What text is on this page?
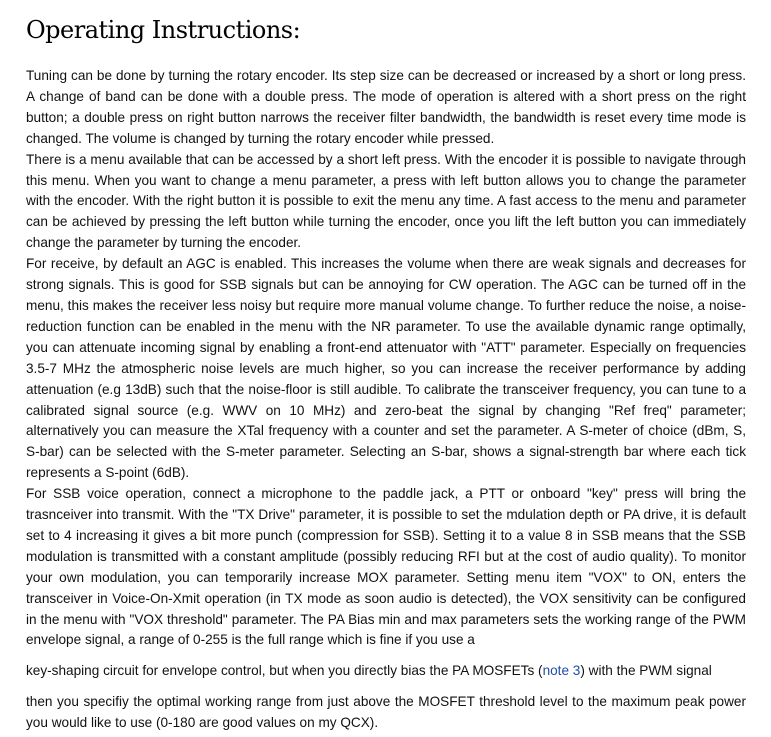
Operating Instructions:

Tuning can be done by turning the rotary encoder. Its step size can be decreased or increased by a short or long press. A change of band can be done with a double press. The mode of operation is altered with a short press on the right button; a double press on right button narrows the receiver filter bandwidth, the bandwidth is reset every time mode is changed. The volume is changed by turning the rotary encoder while pressed.

There is a menu available that can be accessed by a short left press. With the encoder it is possible to navigate through this menu. When you want to change a menu parameter, a press with left button allows you to change the parameter with the encoder. With the right button it is possible to exit the menu any time. A fast access to the menu and parameter can be achieved by pressing the left button while turning the encoder, once you lift the left button you can immediately change the parameter by turning the encoder.

For receive, by default an AGC is enabled. This increases the volume when there are weak signals and decreases for strong signals. This is good for SSB signals but can be annoying for CW operation. The AGC can be turned off in the menu, this makes the receiver less noisy but require more manual volume change. To further reduce the noise, a noise-reduction function can be enabled in the menu with the NR parameter. To use the available dynamic range optimally, you can attenuate incoming signal by enabling a front-end attenuator with "ATT" parameter. Especially on frequencies 3.5-7 MHz the atmospheric noise levels are much higher, so you can increase the receiver performance by adding attenuation (e.g 13dB) such that the noise-floor is still audible. To calibrate the transceiver frequency, you can tune to a calibrated signal source (e.g. WWV on 10 MHz) and zero-beat the signal by changing "Ref freq" parameter; alternatively you can measure the XTal frequency with a counter and set the parameter. A S-meter of choice (dBm, S, S-bar) can be selected with the S-meter parameter. Selecting an S-bar, shows a signal-strength bar where each tick represents a S-point (6dB).

For SSB voice operation, connect a microphone to the paddle jack, a PTT or onboard "key" press will bring the trasnceiver into transmit. With the "TX Drive" parameter, it is possible to set the mdulation depth or PA drive, it is default set to 4 increasing it gives a bit more punch (compression for SSB). Setting it to a value 8 in SSB means that the SSB modulation is transmitted with a constant amplitude (possibly reducing RFI but at the cost of audio quality). To monitor your own modulation, you can temporarily increase MOX parameter. Setting menu item "VOX" to ON, enters the transceiver in Voice-On-Xmit operation (in TX mode as soon audio is detected), the VOX sensitivity can be configured in the menu with "VOX threshold" parameter. The PA Bias min and max parameters sets the working range of the PWM envelope signal, a range of 0-255 is the full range which is fine if you use a

key-shaping circuit for envelope control, but when you directly bias the PA MOSFETs (note 3) with the PWM signal

then you specifiy the optimal working range from just above the MOSFET threshold level to the maximum peak power you would like to use (0-180 are good values on my QCX).
